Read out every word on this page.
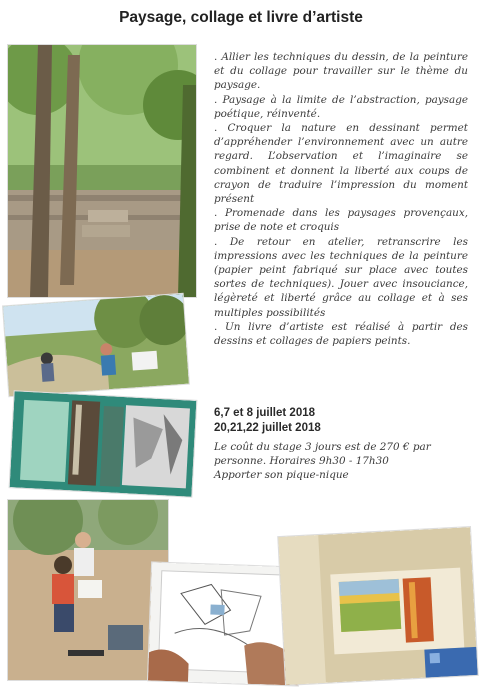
Paysage, collage et livre d’artiste

. Allier les techniques du dessin, de la peinture et du collage pour travailler sur le thème du paysage.

. Paysage à la limite de l’abstraction, paysage poétique, réinventé.

. Croquer la nature en dessinant permet d’appréhender l’environnement avec un autre regard. L’observation et l’imaginaire se combinent et donnent la liberté aux coups de crayon de traduire l’impression du moment présent

. Promenade dans les paysages provençaux, prise de note et croquis

. De retour en atelier, retranscrire les impressions avec les techniques de la peinture (papier peint fabriqué sur place avec toutes sortes de techniques). Jouer avec insouciance, légèreté et liberté grâce au collage et à ses multiples possibilités

. Un livre d’artiste est réalisé à partir des dessins et collages de papiers peints.

6,7 et 8 juillet 2018
20,21,22 juillet 2018

Le coût du stage 3 jours est de 270 € par personne. Horaires 9h30 - 17h30

Apporter son pique-nique
